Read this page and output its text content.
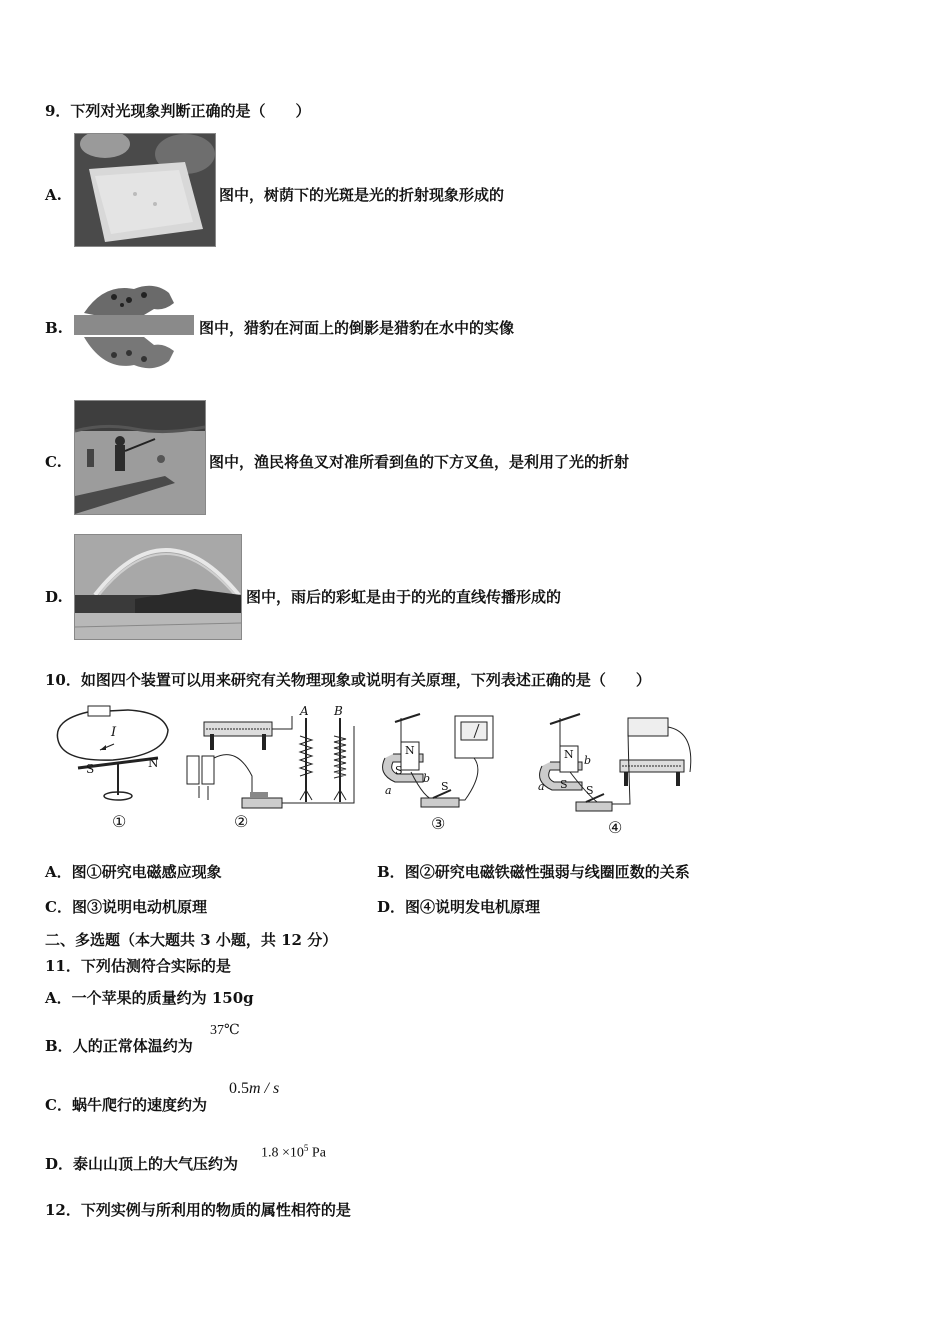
9．下列对光现象判断正确的是（　　）
A.	图中，树荫下的光斑是光的折射现象形成的
B.	图中，猎豹在河面上的倒影是猎豹在水中的实像
C.	图中，渔民将鱼叉对准所看到鱼的下方叉鱼，是利用了光的折射
D.	图中，雨后的彩虹是由于的光的直线传播形成的
10．如图四个装置可以用来研究有关物理现象或说明有关原理，下列表述正确的是（　　）
I
S	N
①
A B
②
N
S
S
a
b
③
N
S S
a
b
④
A．图①研究电磁感应现象	B．图②研究电磁铁磁性强弱与线圈匝数的关系
C．图③说明电动机原理	D．图④说明发电机原理
二、多选题（本大题共 3 小题，共 12 分）
11．下列估测符合实际的是
A．一个苹果的质量约为 150g
B．人的正常体温约为
37℃
C．蜗牛爬行的速度约为
0.5m / s
D．泰山山顶上的大气压约为
$1.8 \times 10^5$ Pa
12．下列实例与所利用的物质的属性相符的是
